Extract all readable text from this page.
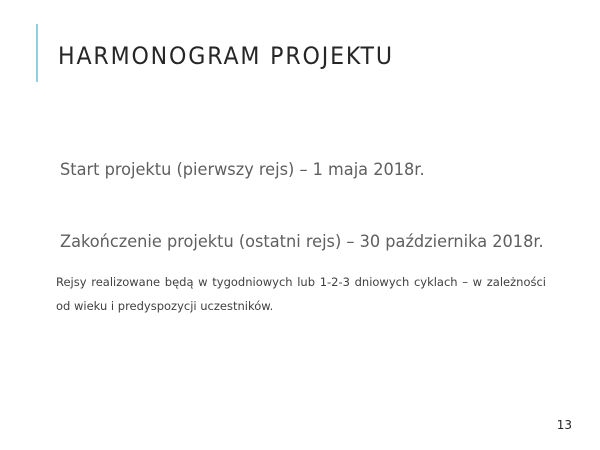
HARMONOGRAM PROJEKTU
Start projektu (pierwszy rejs) – 1 maja 2018r.
Zakończenie projektu (ostatni rejs) – 30 października 2018r.

Rejsy realizowane będą w tygodniowych lub 1-2-3 dniowych cyklach – w zależności od wieku i predyspozycji uczestników.

13
